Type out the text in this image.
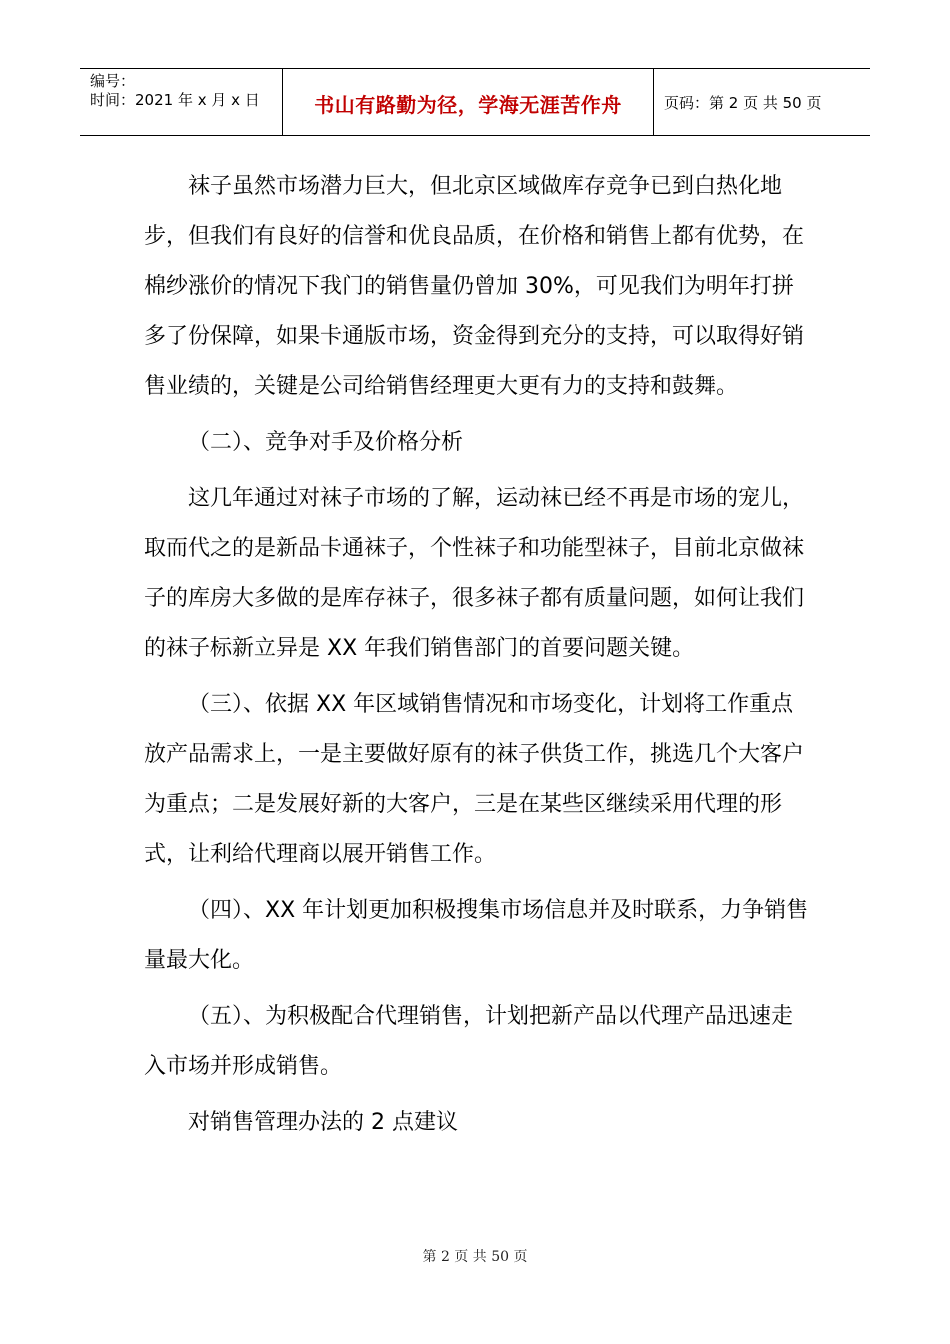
编号：
时间：2021 年 x 月 x 日	书山有路勤为径，学海无涯苦作舟	页码：第 2 页 共 50 页

袜子虽然市场潜力巨大，但北京区域做库存竞争已到白热化地步，但我们有良好的信誉和优良品质，在价格和销售上都有优势，在棉纱涨价的情况下我门的销售量仍曾加 30%，可见我们为明年打拼多了份保障，如果卡通版市场，资金得到充分的支持，可以取得好销售业绩的，关键是公司给销售经理更大更有力的支持和鼓舞。

（二）、竞争对手及价格分析

这几年通过对袜子市场的了解，运动袜已经不再是市场的宠儿，取而代之的是新品卡通袜子，个性袜子和功能型袜子，目前北京做袜子的库房大多做的是库存袜子，很多袜子都有质量问题，如何让我们的袜子标新立异是 XX 年我们销售部门的首要问题关键。

（三）、依据 XX 年区域销售情况和市场变化，计划将工作重点放产品需求上，一是主要做好原有的袜子供货工作，挑选几个大客户为重点；二是发展好新的大客户，三是在某些区继续采用代理的形式，让利给代理商以展开销售工作。

（四）、XX 年计划更加积极搜集市场信息并及时联系，力争销售量最大化。

（五）、为积极配合代理销售，计划把新产品以代理产品迅速走入市场并形成销售。

对销售管理办法的 2 点建议

第 2 页 共 50 页
